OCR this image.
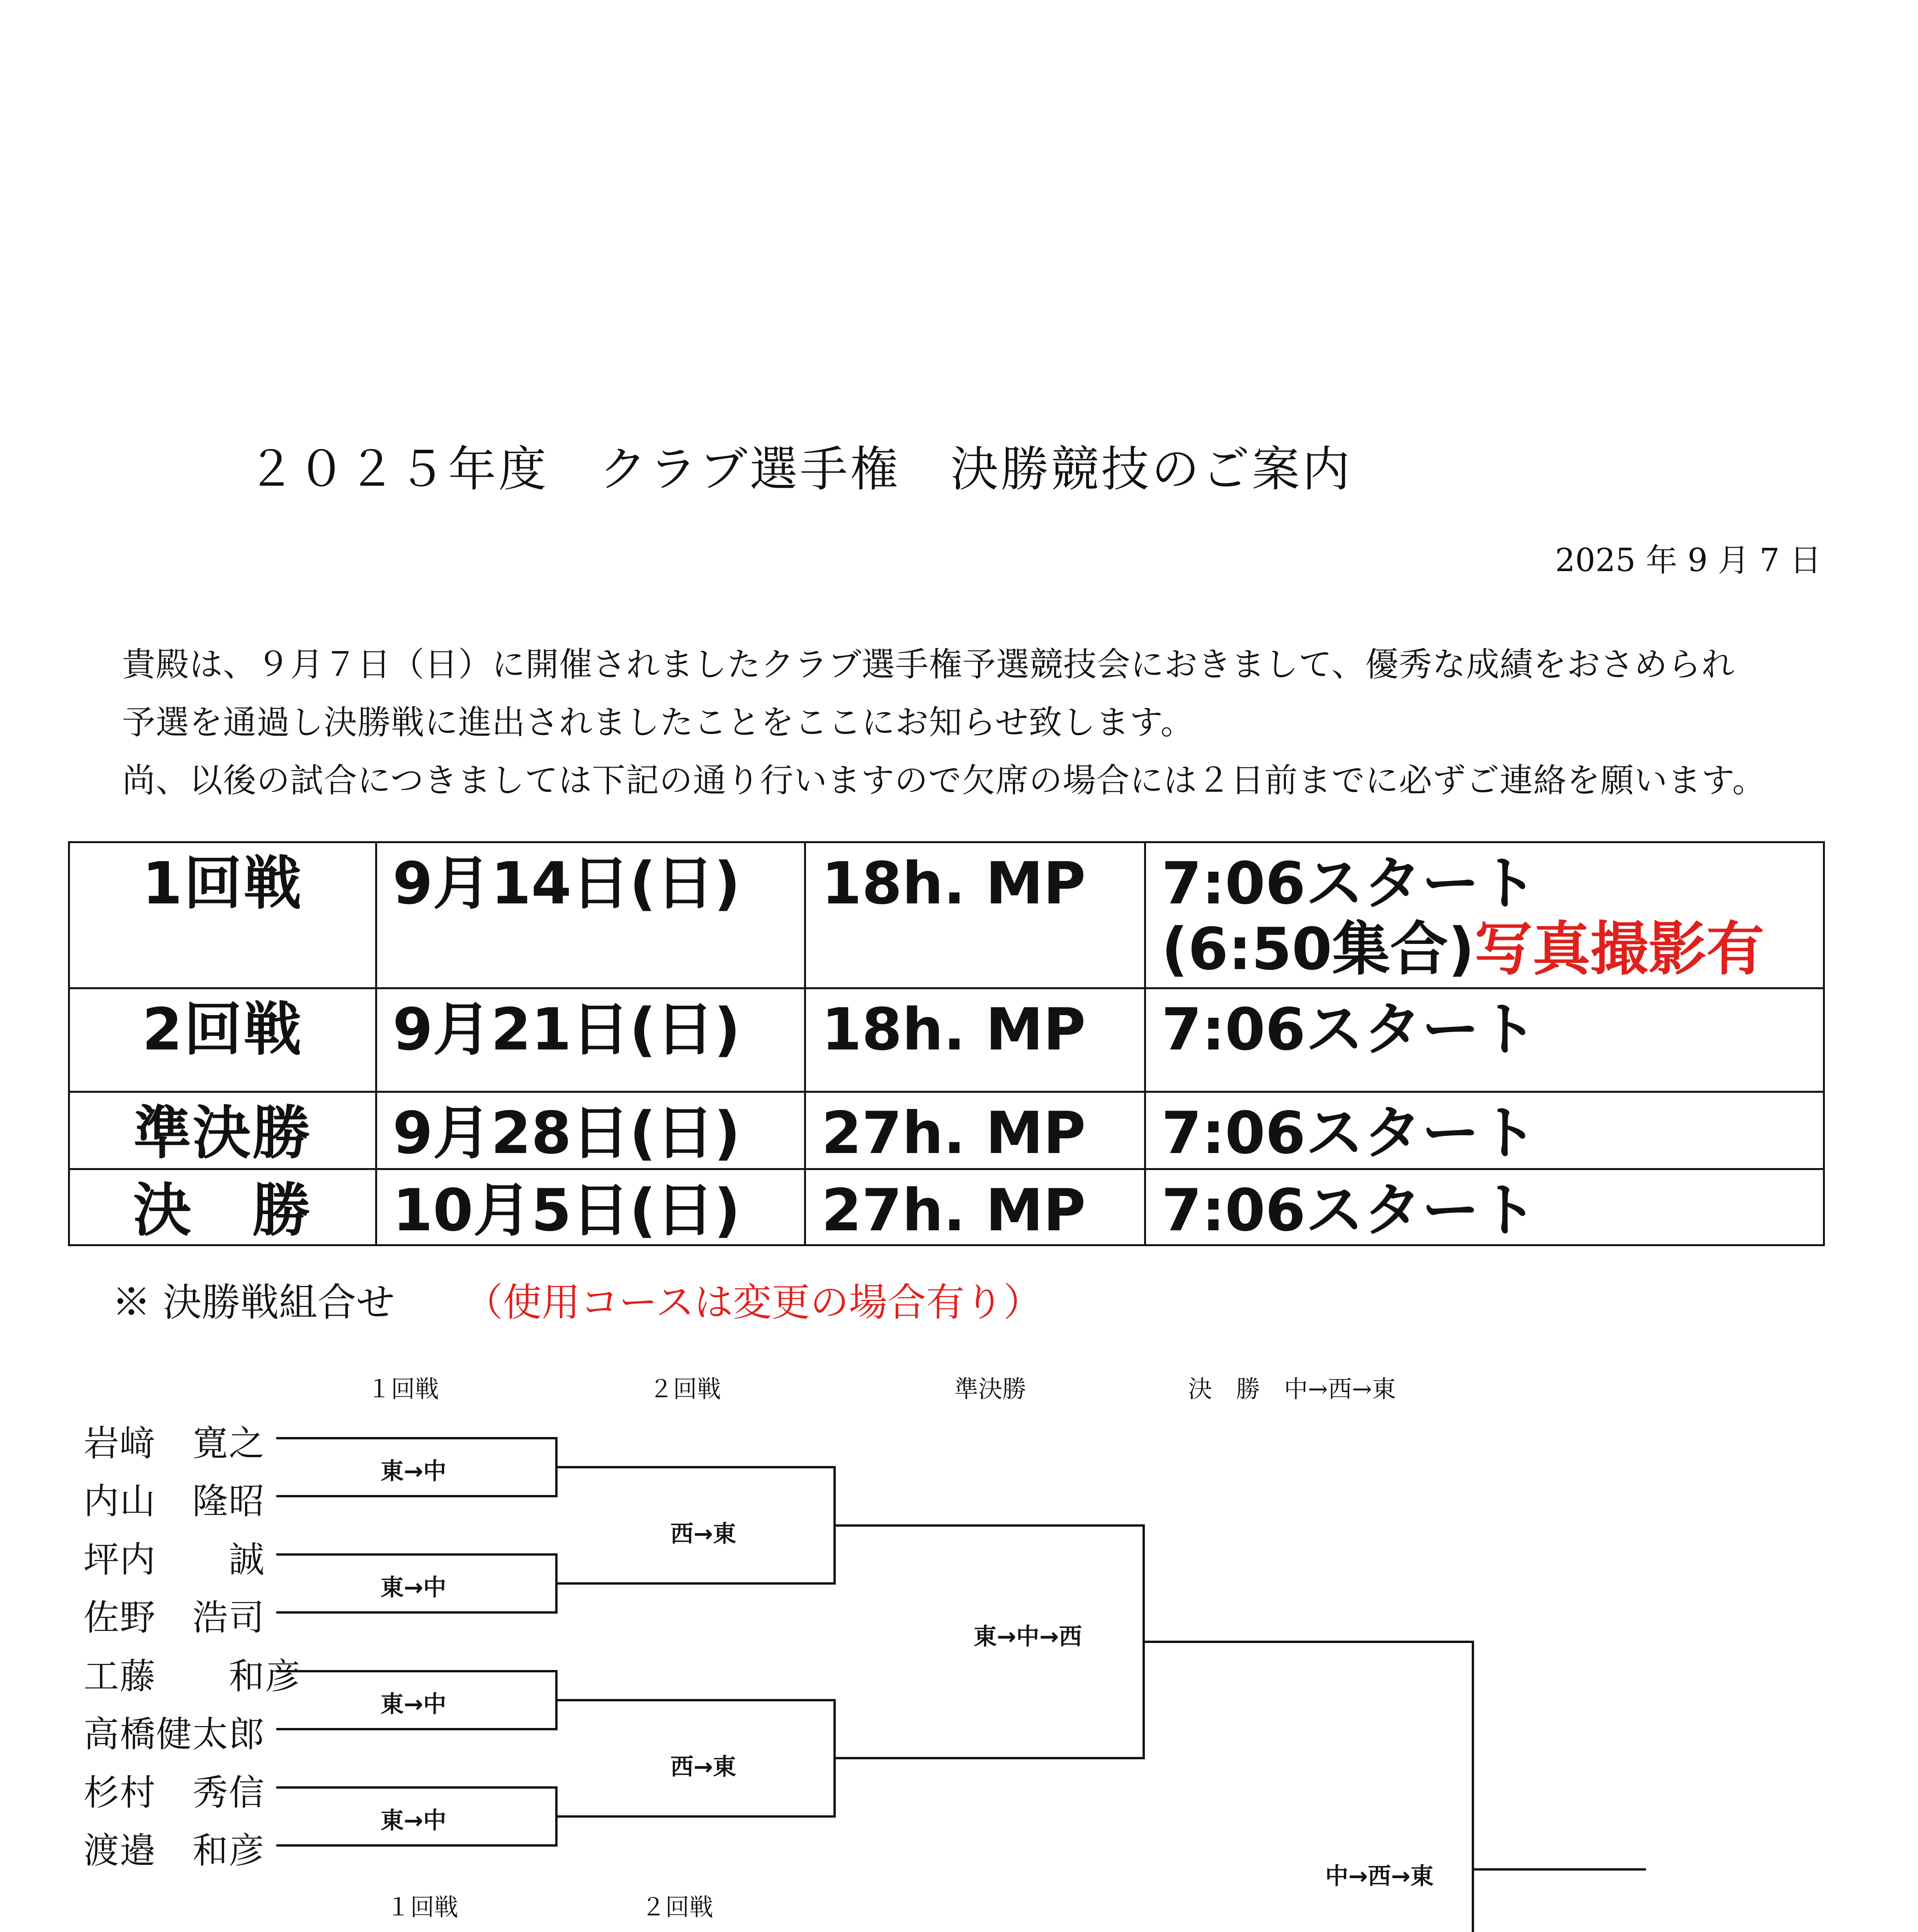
２０２５年度　クラブ選手権　決勝競技のご案内
2025 年 9 月 7 日
貴殿は、９月７日（日）に開催されましたクラブ選手権予選競技会におきまして、優秀な成績をおさめられ
予選を通過し決勝戦に進出されましたことをここにお知らせ致します。
尚、以後の試合につきましては下記の通り行いますので欠席の場合には２日前までに必ずご連絡を願います。
1回戦	9月14日(日)	18h. MP	7:06スタート
(6:50集合)写真撮影有

2回戦	9月21日(日)	18h. MP	7:06スタート
準決勝	9月28日(日)	27h. MP	7:06スタート
決　勝	10月5日(日)	27h. MP	7:06スタート
※ 決勝戦組合せ （使用コースは変更の場合有り）
１回戦	２回戦	準決勝	決　勝　中→西→東
岩﨑　寛之
内山　隆昭
坪内　　誠
佐野　浩司
工藤　　和彦
高橋健太郎
杉村　秀信
渡邉　和彦
東→中
東→中
東→中
東→中
西→東
西→東
東→中→西
１回戦	２回戦
中→西→東
